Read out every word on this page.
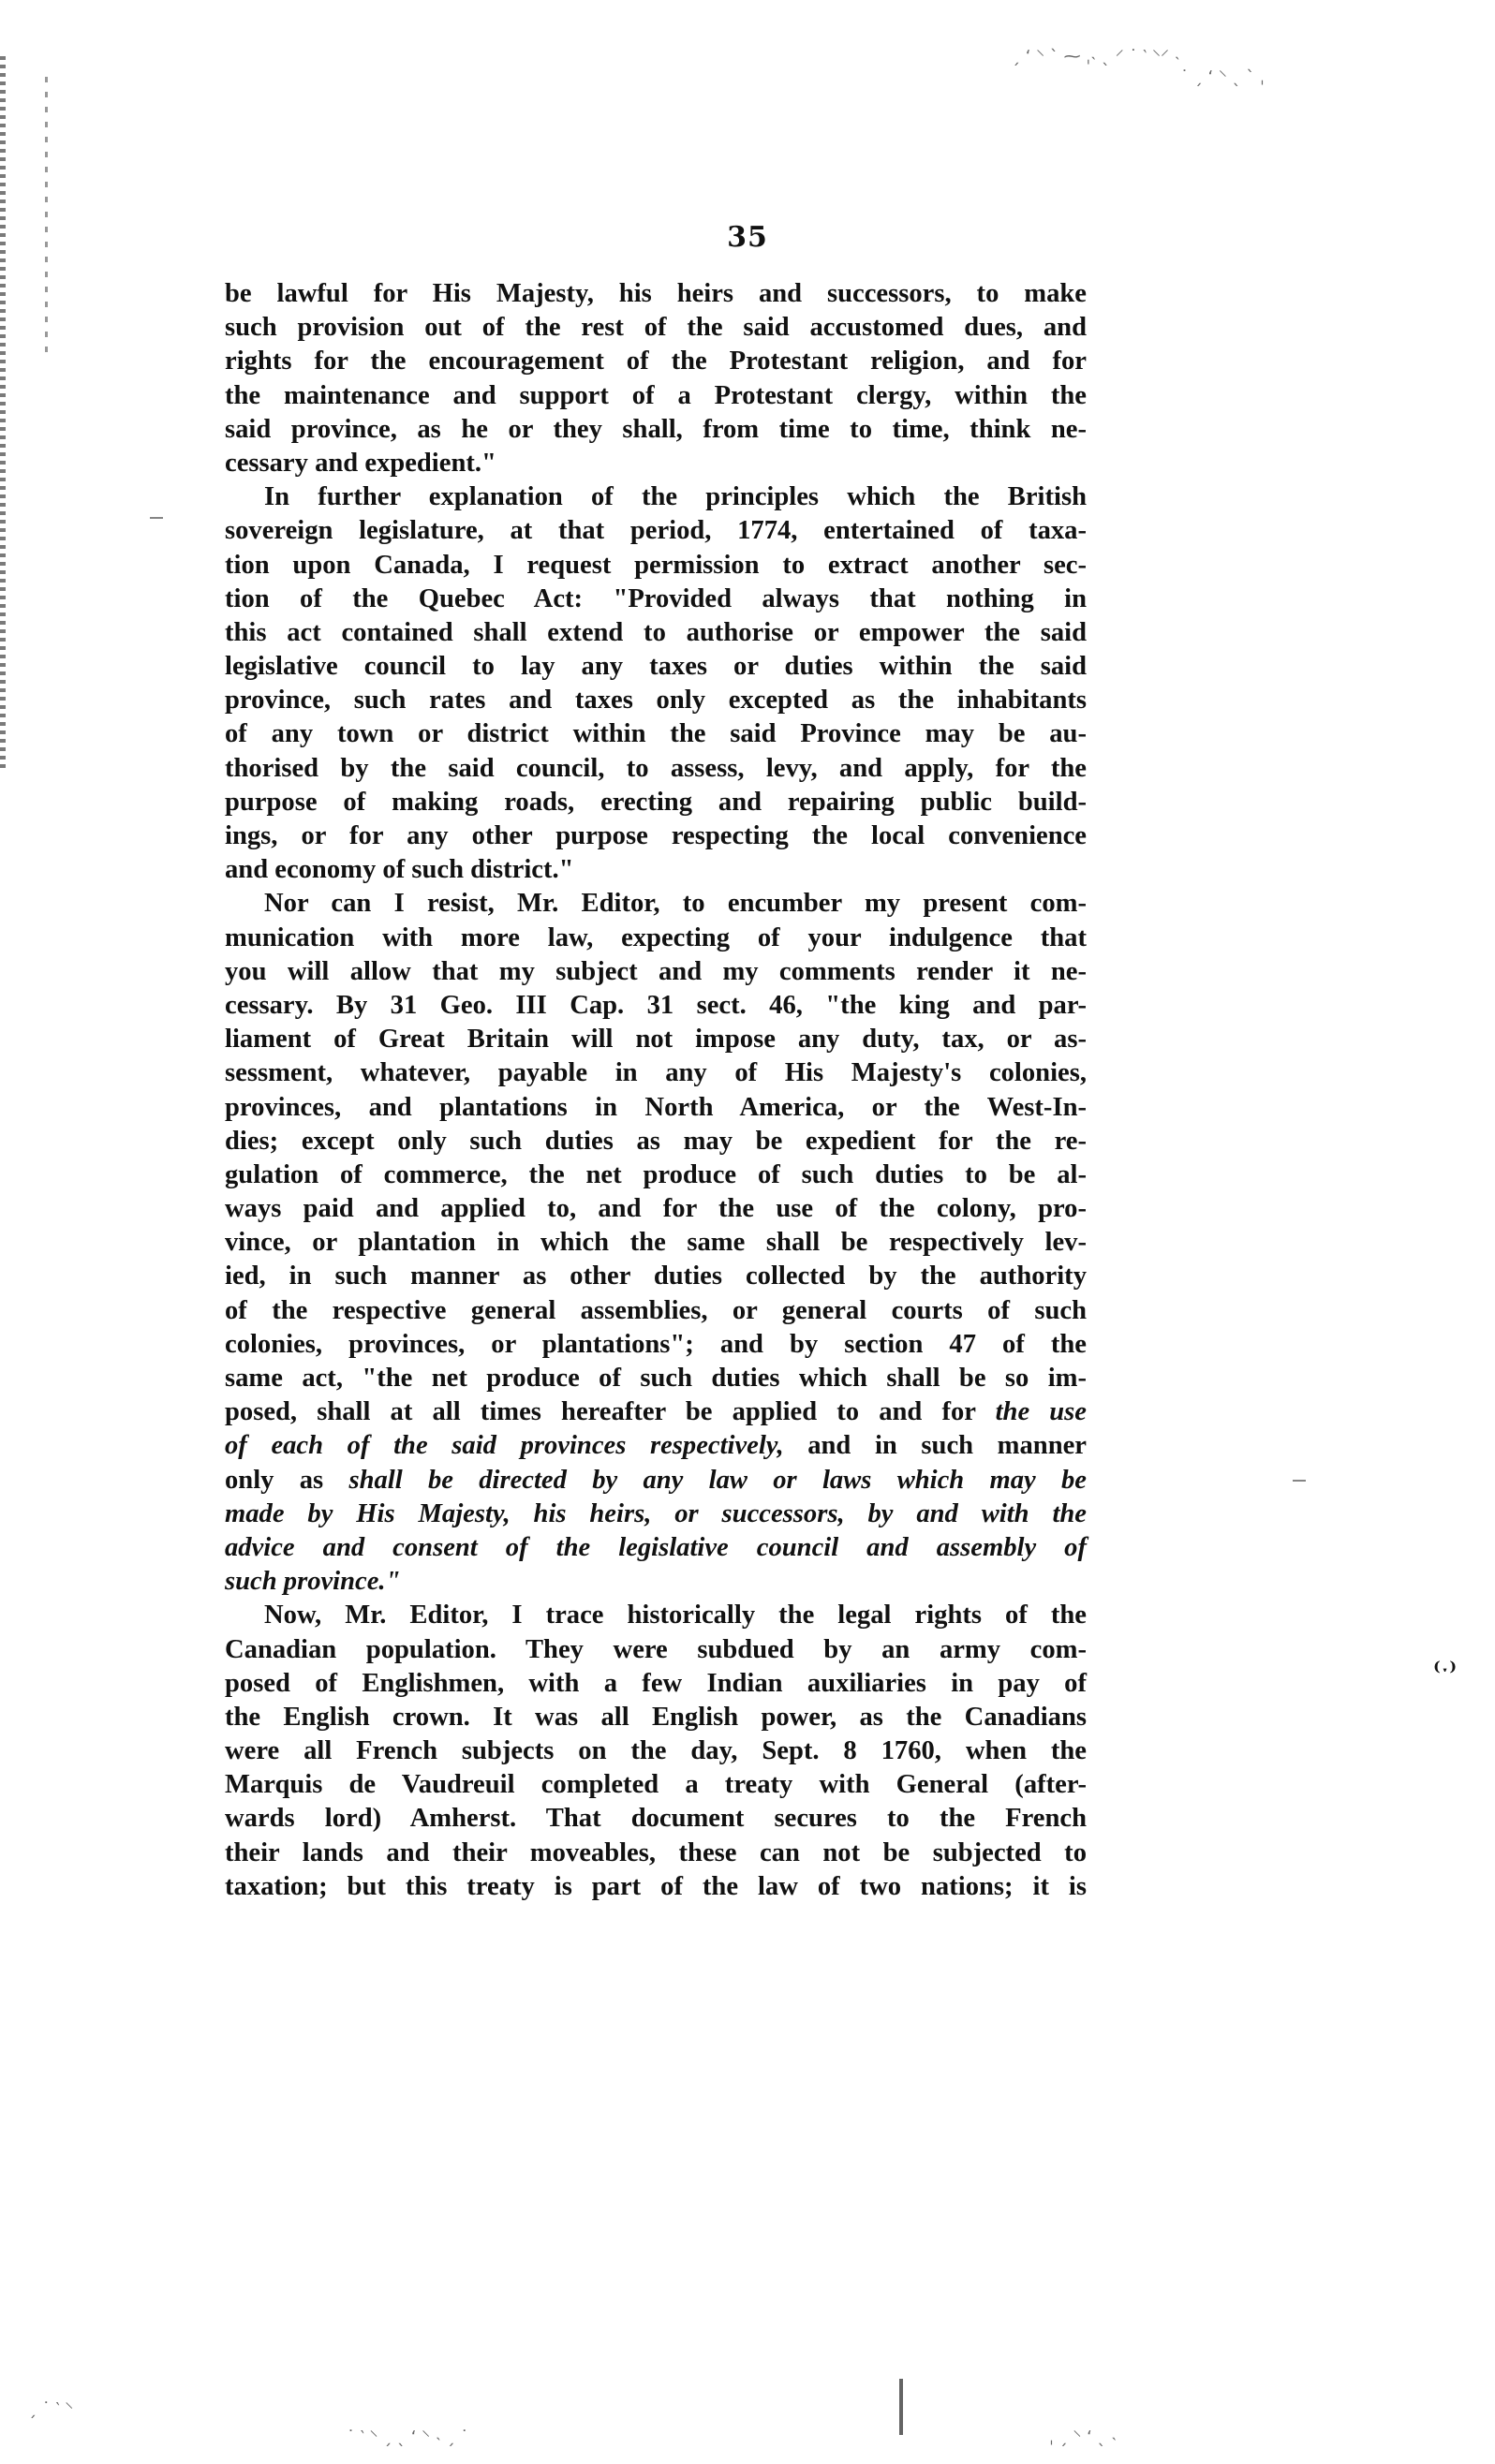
ˏ ‘ ⸌ ˋ ⁓ ˌ˴ ˎ ⸍ ˙ ‵ ⸌⸍ ˴
˙ ˏ ‘ ⸌ ˎ ˋ ˌ
ˏ ˙ ‵ ⸌
˙ ‵ ⸌ ˏ ˎ ‘ ⸌ ˴ ˏ ˙	ˌ ˏ ⸌ ‘ ˎ ˴
⁽ˑ⁾
35
be lawful for His Majesty, his heirs and successors, to make
such provision out of the rest of the said accustomed dues, and
rights for the encouragement of the Protestant religion, and for
the maintenance and support of a Protestant clergy, within the
said province, as he or they shall, from time to time, think ne-
cessary and expedient."
In further explanation of the principles which the British
sovereign legislature, at that period, 1774, entertained of taxa-
tion upon Canada, I request permission to extract another sec-
tion of the Quebec Act: "Provided always that nothing in
this act contained shall extend to authorise or empower the said
legislative council to lay any taxes or duties within the said
province, such rates and taxes only excepted as the inhabitants
of any town or district within the said Province may be au-
thorised by the said council, to assess, levy, and apply, for the
purpose of making roads, erecting and repairing public build-
ings, or for any other purpose respecting the local convenience
and economy of such district."
Nor can I resist, Mr. Editor, to encumber my present com-
munication with more law, expecting of your indulgence that
you will allow that my subject and my comments render it ne-
cessary. By 31 Geo. III Cap. 31 sect. 46, "the king and par-
liament of Great Britain will not impose any duty, tax, or as-
sessment, whatever, payable in any of His Majesty's colonies,
provinces, and plantations in North America, or the West-In-
dies; except only such duties as may be expedient for the re-
gulation of commerce, the net produce of such duties to be al-
ways paid and applied to, and for the use of the colony, pro-
vince, or plantation in which the same shall be respectively lev-
ied, in such manner as other duties collected by the authority
of the respective general assemblies, or general courts of such
colonies, provinces, or plantations"; and by section 47 of the
same act, "the net produce of such duties which shall be so im-
posed, shall at all times hereafter be applied to and for the use
of each of the said provinces respectively, and in such manner
only as shall be directed by any law or laws which may be
made by His Majesty, his heirs, or successors, by and with the
advice and consent of the legislative council and assembly of
such province."
Now, Mr. Editor, I trace historically the legal rights of the
Canadian population. They were subdued by an army com-
posed of Englishmen, with a few Indian auxiliaries in pay of
the English crown. It was all English power, as the Canadians
were all French subjects on the day, Sept. 8 1760, when the
Marquis de Vaudreuil completed a treaty with General (after-
wards lord) Amherst. That document secures to the French
their lands and their moveables, these can not be subjected to
taxation; but this treaty is part of the law of two nations; it is
